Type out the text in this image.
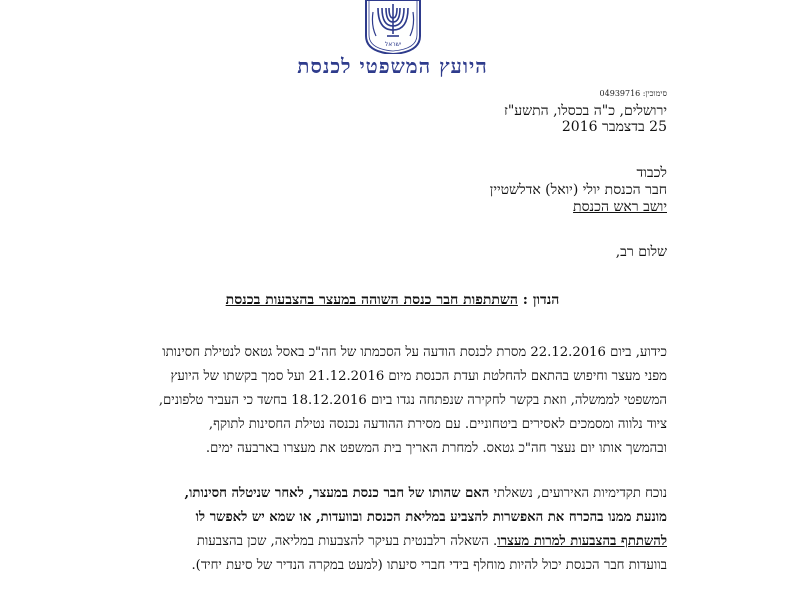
ישראל
היועץ המשפטי לכנסת
סימוכין: 04939716
ירושלים, כ"ה בכסלו, התשע"ז
25 בדצמבר 2016
לכבוד
חבר הכנסת יולי (יואל) אדלשטיין
יושב ראש הכנסת
שלום רב,
הנדון : השתתפות חבר כנסת השוהה במעצר בהצבעות בכנסת
כידוע, ביום 22.12.2016 מסרת לכנסת הודעה על הסכמתו של חה"כ באסל גטאס לנטילת חסינותו
מפני מעצר וחיפוש בהתאם להחלטת ועדת הכנסת מיום 21.12.2016 ועל סמך בקשתו של היועץ
המשפטי לממשלה, וזאת בקשר לחקירה שנפתחה נגדו ביום 18.12.2016 בחשד כי העביר טלפונים,
ציוד נלווה ומסמכים לאסירים ביטחוניים. עם מסירת ההודעה נכנסה נטילת החסינות לתוקף,
ובהמשך אותו יום נעצר חה"כ גטאס. למחרת האריך בית המשפט את מעצרו בארבעה ימים.
נוכח תקדימיות האירועים, נשאלתי האם שהותו של חבר כנסת במעצר, לאחר שניטלה חסינותו,
מונעת ממנו בהכרח את האפשרות להצביע במליאת הכנסת ובוועדות, או שמא יש לאפשר לו
להשתתף בהצבעות למרות מעצרו. השאלה רלבנטית בעיקר להצבעות במליאה, שכן בהצבעות
בוועדות חבר הכנסת יכול להיות מוחלף בידי חברי סיעתו (למעט במקרה הנדיר של סיעת יחיד).
